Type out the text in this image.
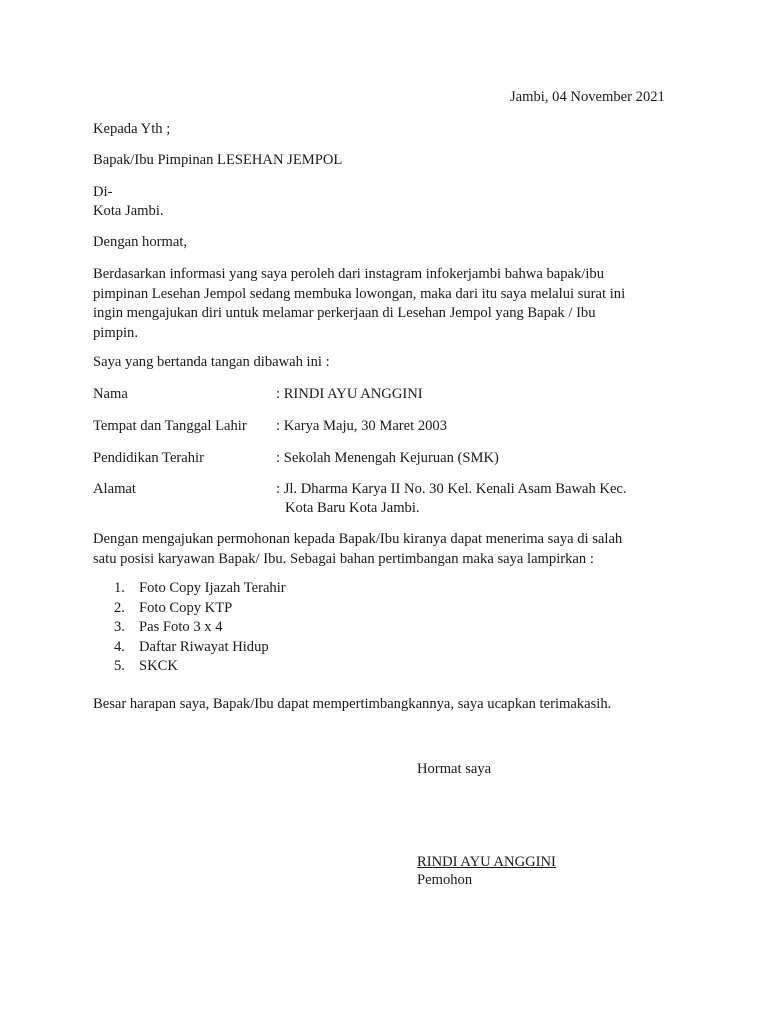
Jambi, 04 November 2021
Kepada Yth ;
Bapak/Ibu Pimpinan LESEHAN JEMPOL
Di-
Kota Jambi.
Dengan hormat,
Berdasarkan informasi yang saya peroleh dari instagram infokerjambi bahwa bapak/ibu
pimpinan Lesehan Jempol sedang membuka lowongan, maka dari itu saya melalui surat ini
ingin mengajukan diri untuk melamar perkerjaan di Lesehan Jempol yang Bapak / Ibu
pimpin.
Saya yang bertanda tangan dibawah ini :
Nama	: RINDI AYU ANGGINI
Tempat dan Tanggal Lahir : Karya Maju, 30 Maret 2003
Pendidikan Terahir	: Sekolah Menengah Kejuruan (SMK)
Alamat	: Jl. Dharma Karya II No. 30 Kel. Kenali Asam Bawah Kec.
Kota Baru Kota Jambi.
Dengan mengajukan permohonan kepada Bapak/Ibu kiranya dapat menerima saya di salah
satu posisi karyawan Bapak/ Ibu. Sebagai bahan pertimbangan maka saya lampirkan :
1. Foto Copy Ijazah Terahir
2. Foto Copy KTP
3. Pas Foto 3 x 4
4. Daftar Riwayat Hidup
5. SKCK
Besar harapan saya, Bapak/Ibu dapat mempertimbangkannya, saya ucapkan terimakasih.
Hormat saya
RINDI AYU ANGGINI
Pemohon
